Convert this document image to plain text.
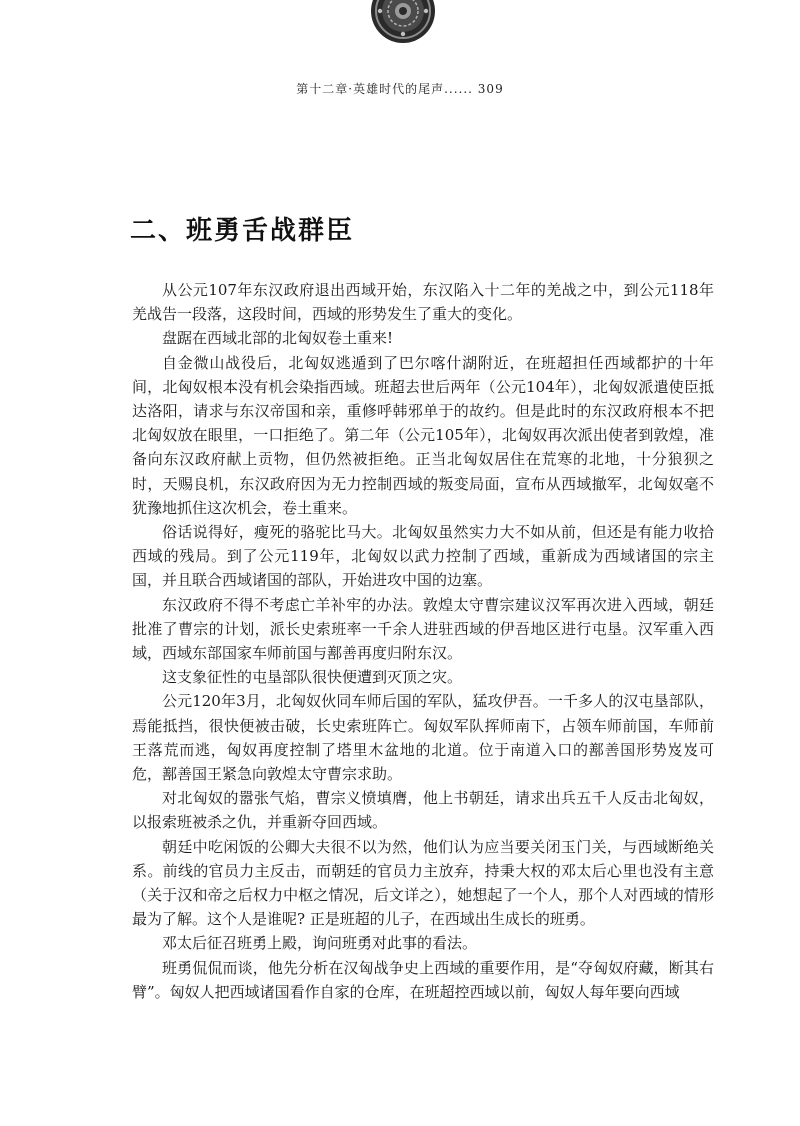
第十二章·英雄时代的尾声...... 309
二、班勇舌战群臣

从公元107年东汉政府退出西域开始，东汉陷入十二年的羌战之中，到公元118年羌战告一段落，这段时间，西域的形势发生了重大的变化。

盘踞在西域北部的北匈奴卷土重来!

自金微山战役后，北匈奴逃遁到了巴尔喀什湖附近，在班超担任西域都护的十年间，北匈奴根本没有机会染指西域。班超去世后两年（公元104年），北匈奴派遣使臣抵达洛阳，请求与东汉帝国和亲，重修呼韩邪单于的故约。但是此时的东汉政府根本不把北匈奴放在眼里，一口拒绝了。第二年（公元105年），北匈奴再次派出使者到敦煌，准备向东汉政府献上贡物，但仍然被拒绝。正当北匈奴居住在荒寒的北地，十分狼狈之时，天赐良机，东汉政府因为无力控制西域的叛变局面，宣布从西域撤军，北匈奴毫不犹豫地抓住这次机会，卷土重来。

俗话说得好，瘦死的骆驼比马大。北匈奴虽然实力大不如从前，但还是有能力收拾西域的残局。到了公元119年，北匈奴以武力控制了西域，重新成为西域诸国的宗主国，并且联合西域诸国的部队，开始进攻中国的边塞。

东汉政府不得不考虑亡羊补牢的办法。敦煌太守曹宗建议汉军再次进入西域，朝廷批准了曹宗的计划，派长史索班率一千余人进驻西域的伊吾地区进行屯垦。汉军重入西域，西域东部国家车师前国与鄯善再度归附东汉。

这支象征性的屯垦部队很快便遭到灭顶之灾。

公元120年3月，北匈奴伙同车师后国的军队，猛攻伊吾。一千多人的汉屯垦部队，焉能抵挡，很快便被击破，长史索班阵亡。匈奴军队挥师南下，占领车师前国，车师前王落荒而逃，匈奴再度控制了塔里木盆地的北道。位于南道入口的鄯善国形势岌岌可危，鄯善国王紧急向敦煌太守曹宗求助。

对北匈奴的嚣张气焰，曹宗义愤填膺，他上书朝廷，请求出兵五千人反击北匈奴，以报索班被杀之仇，并重新夺回西域。

朝廷中吃闲饭的公卿大夫很不以为然，他们认为应当要关闭玉门关，与西域断绝关系。前线的官员力主反击，而朝廷的官员力主放弃，持秉大权的邓太后心里也没有主意（关于汉和帝之后权力中枢之情况，后文详之），她想起了一个人，那个人对西域的情形最为了解。这个人是谁呢? 正是班超的儿子，在西域出生成长的班勇。

邓太后征召班勇上殿，询问班勇对此事的看法。

班勇侃侃而谈，他先分析在汉匈战争史上西域的重要作用，是“夺匈奴府藏，断其右臂”。匈奴人把西域诸国看作自家的仓库，在班超控西域以前，匈奴人每年要向西域
